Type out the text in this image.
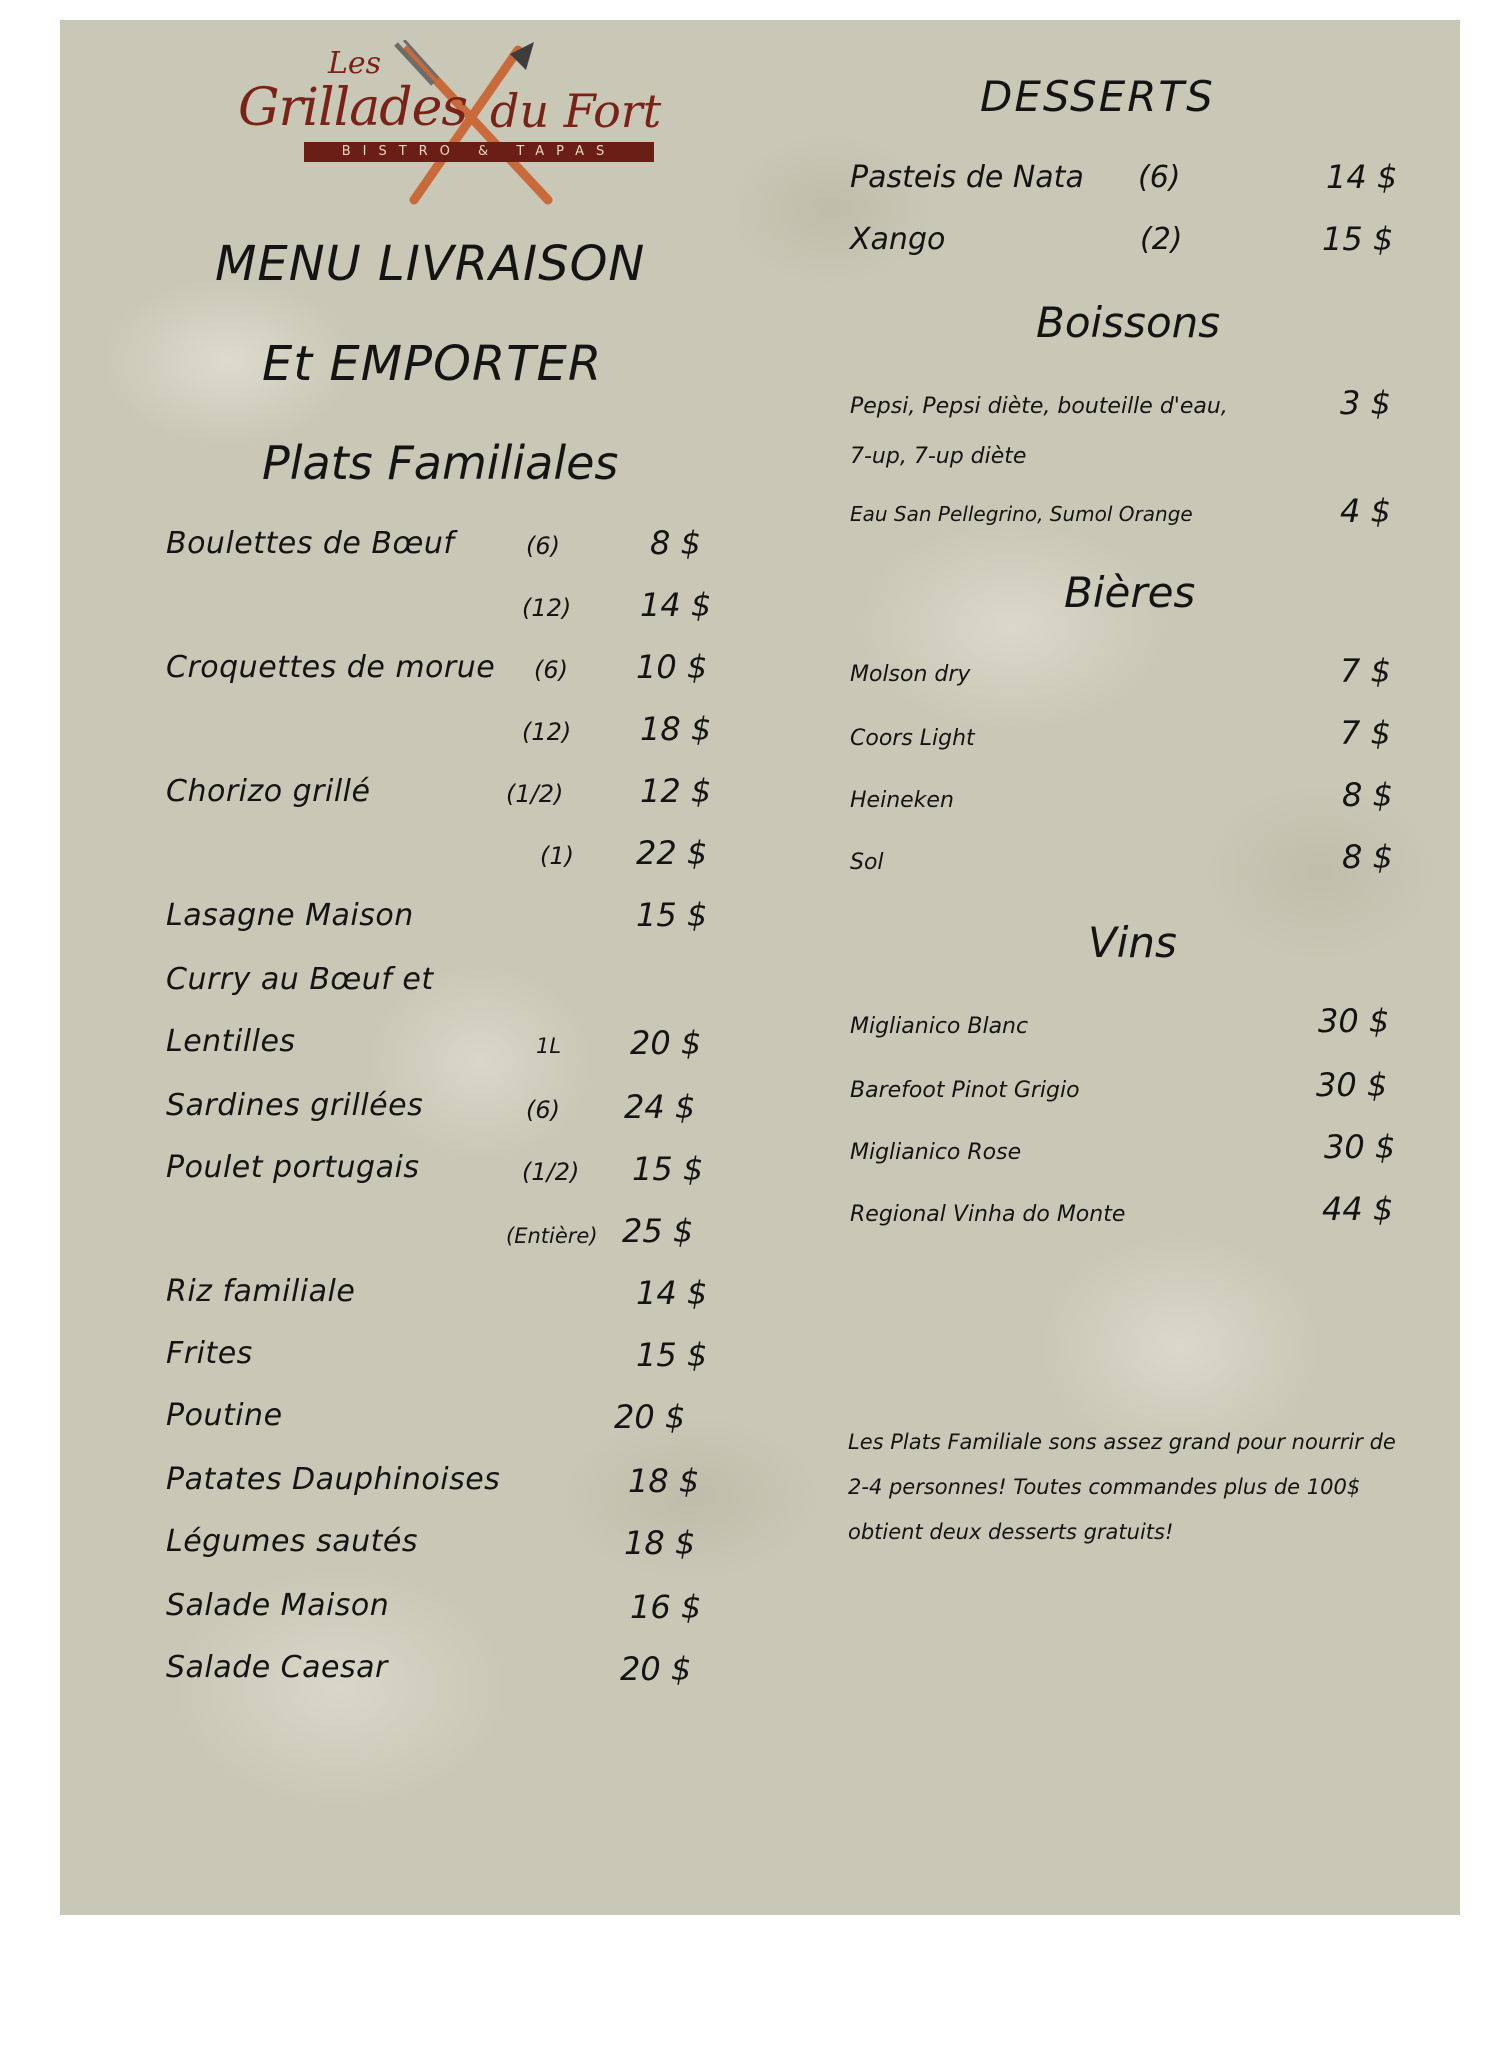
Les
Grillades du Fort
BISTRO & TAPAS
MENU LIVRAISON
Et EMPORTER
Plats Familiales
Boulettes de Bœuf	(6)	8 $
(12) 14 $
Croquettes de morue (6) 10 $
(12) 18 $
Chorizo grillé	(1/2) 12 $
(1) 22 $
Lasagne Maison	15 $
Curry au Bœuf et
Lentilles	1L 20 $
Sardines grillées	(6) 24 $
Poulet portugais	(1/2) 15 $
(Entière) 25 $
Riz familiale	14 $
Frites	15 $
Poutine	20 $
Patates Dauphinoises	18 $
Légumes sautés	18 $
Salade Maison	16 $
Salade Caesar	20 $
DESSERTS
Pasteis de Nata (6)	14 $
Xango	(2)	15 $
Boissons
Pepsi, Pepsi diète, bouteille d'eau,	3 $
7-up, 7-up diète
Eau San Pellegrino, Sumol Orange	4 $
Bières
Molson dry	7 $
Coors Light	7 $
Heineken	8 $
Sol	8 $
Vins
Miglianico Blanc	30 $
Barefoot Pinot Grigio	30 $
Miglianico Rose	30 $
Regional Vinha do Monte	44 $
Les Plats Familiale sons assez grand pour nourrir de 2-4 personnes! Toutes commandes plus de 100$ obtient deux desserts gratuits!
